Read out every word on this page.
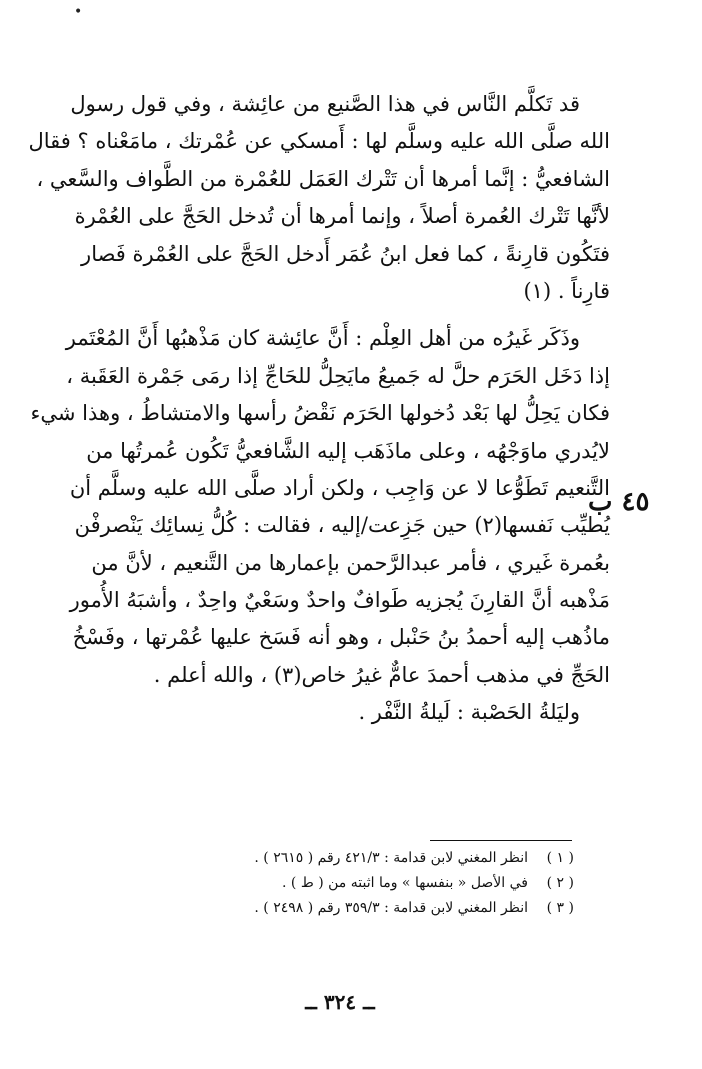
•
قد تَكلَّم النَّاس في هذا الصَّنيع من عائِشة ، وفي قول رسول
الله صلَّى الله عليه وسلَّم لها : أَمسكي عن عُمْرتك ، مامَعْناه ؟ فقال
الشافعيُّ : إنَّما أمرها أن تَتْرك العَمَل للعُمْرة من الطَّواف والسَّعي ،
لأنَّها تَتْرك العُمرة أصلاً ، وإنما أمرها أن تُدخل الحَجَّ على العُمْرة
فتَكُون قارِنةً ، كما فعل ابنُ عُمَر أَدخل الحَجَّ على العُمْرة فَصار
قارِناً . (١)
وذَكَر غَيرُه من أهل العِلْم : أَنَّ عائِشة كان مَذْهبُها أَنَّ المُعْتَمر
إذا دَخَل الحَرَم حلَّ له جَميعُ مايَحِلُّ للحَاجِّ إذا رمَى جَمْرة العَقَبة ،
فكان يَحِلُّ لها بَعْد دُخولها الحَرَم نَقْضُ رأسها والامتشاطُ ، وهذا شيء
لايُدري ماوَجْهُه ، وعلى ماذَهَب إليه الشَّافعيُّ تَكُون عُمرتُها من
التَّنعيم تَطَوُّعا لا عن وَاجِب ، ولكن أراد صلَّى الله عليه وسلَّم أن
يُطيِّب نَفسها(٢) حين جَزِعت/إليه ، فقالت : كُلُّ نِسائِك يَنْصرفْن
بعُمرة غَيري ، فأمر عبدالرَّحمن بإعمارها من التَّنعيم ، لأنَّ من
مَذْهبه أنَّ القارِنَ يُجزيه طَوافٌ واحدٌ وسَعْيٌ واحِدٌ ، وأشبَهُ الأُمور
ماذُهب إليه أحمدُ بنُ حَنْبل ، وهو أنه فَسَخ عليها عُمْرتها ، وفَسْخُ
الحَجِّ في مذهب أحمدَ عامٌّ غيرُ خاص(٣) ، والله أعلم .
وليَلةُ الحَصْبة : لَيلةُ النَّفْر .
٤٥ ب
( ١ )
انظر المغني لابن قدامة : ٤٢١/٣ رقم ( ٢٦١٥ ) .
( ٢ )
في الأصل « بنفسها » وما اثبته من ( ط ) .
( ٣ )
انظر المغني لابن قدامة : ٣٥٩/٣ رقم ( ٢٤٩٨ ) .
ــ ٣٢٤ ــ
